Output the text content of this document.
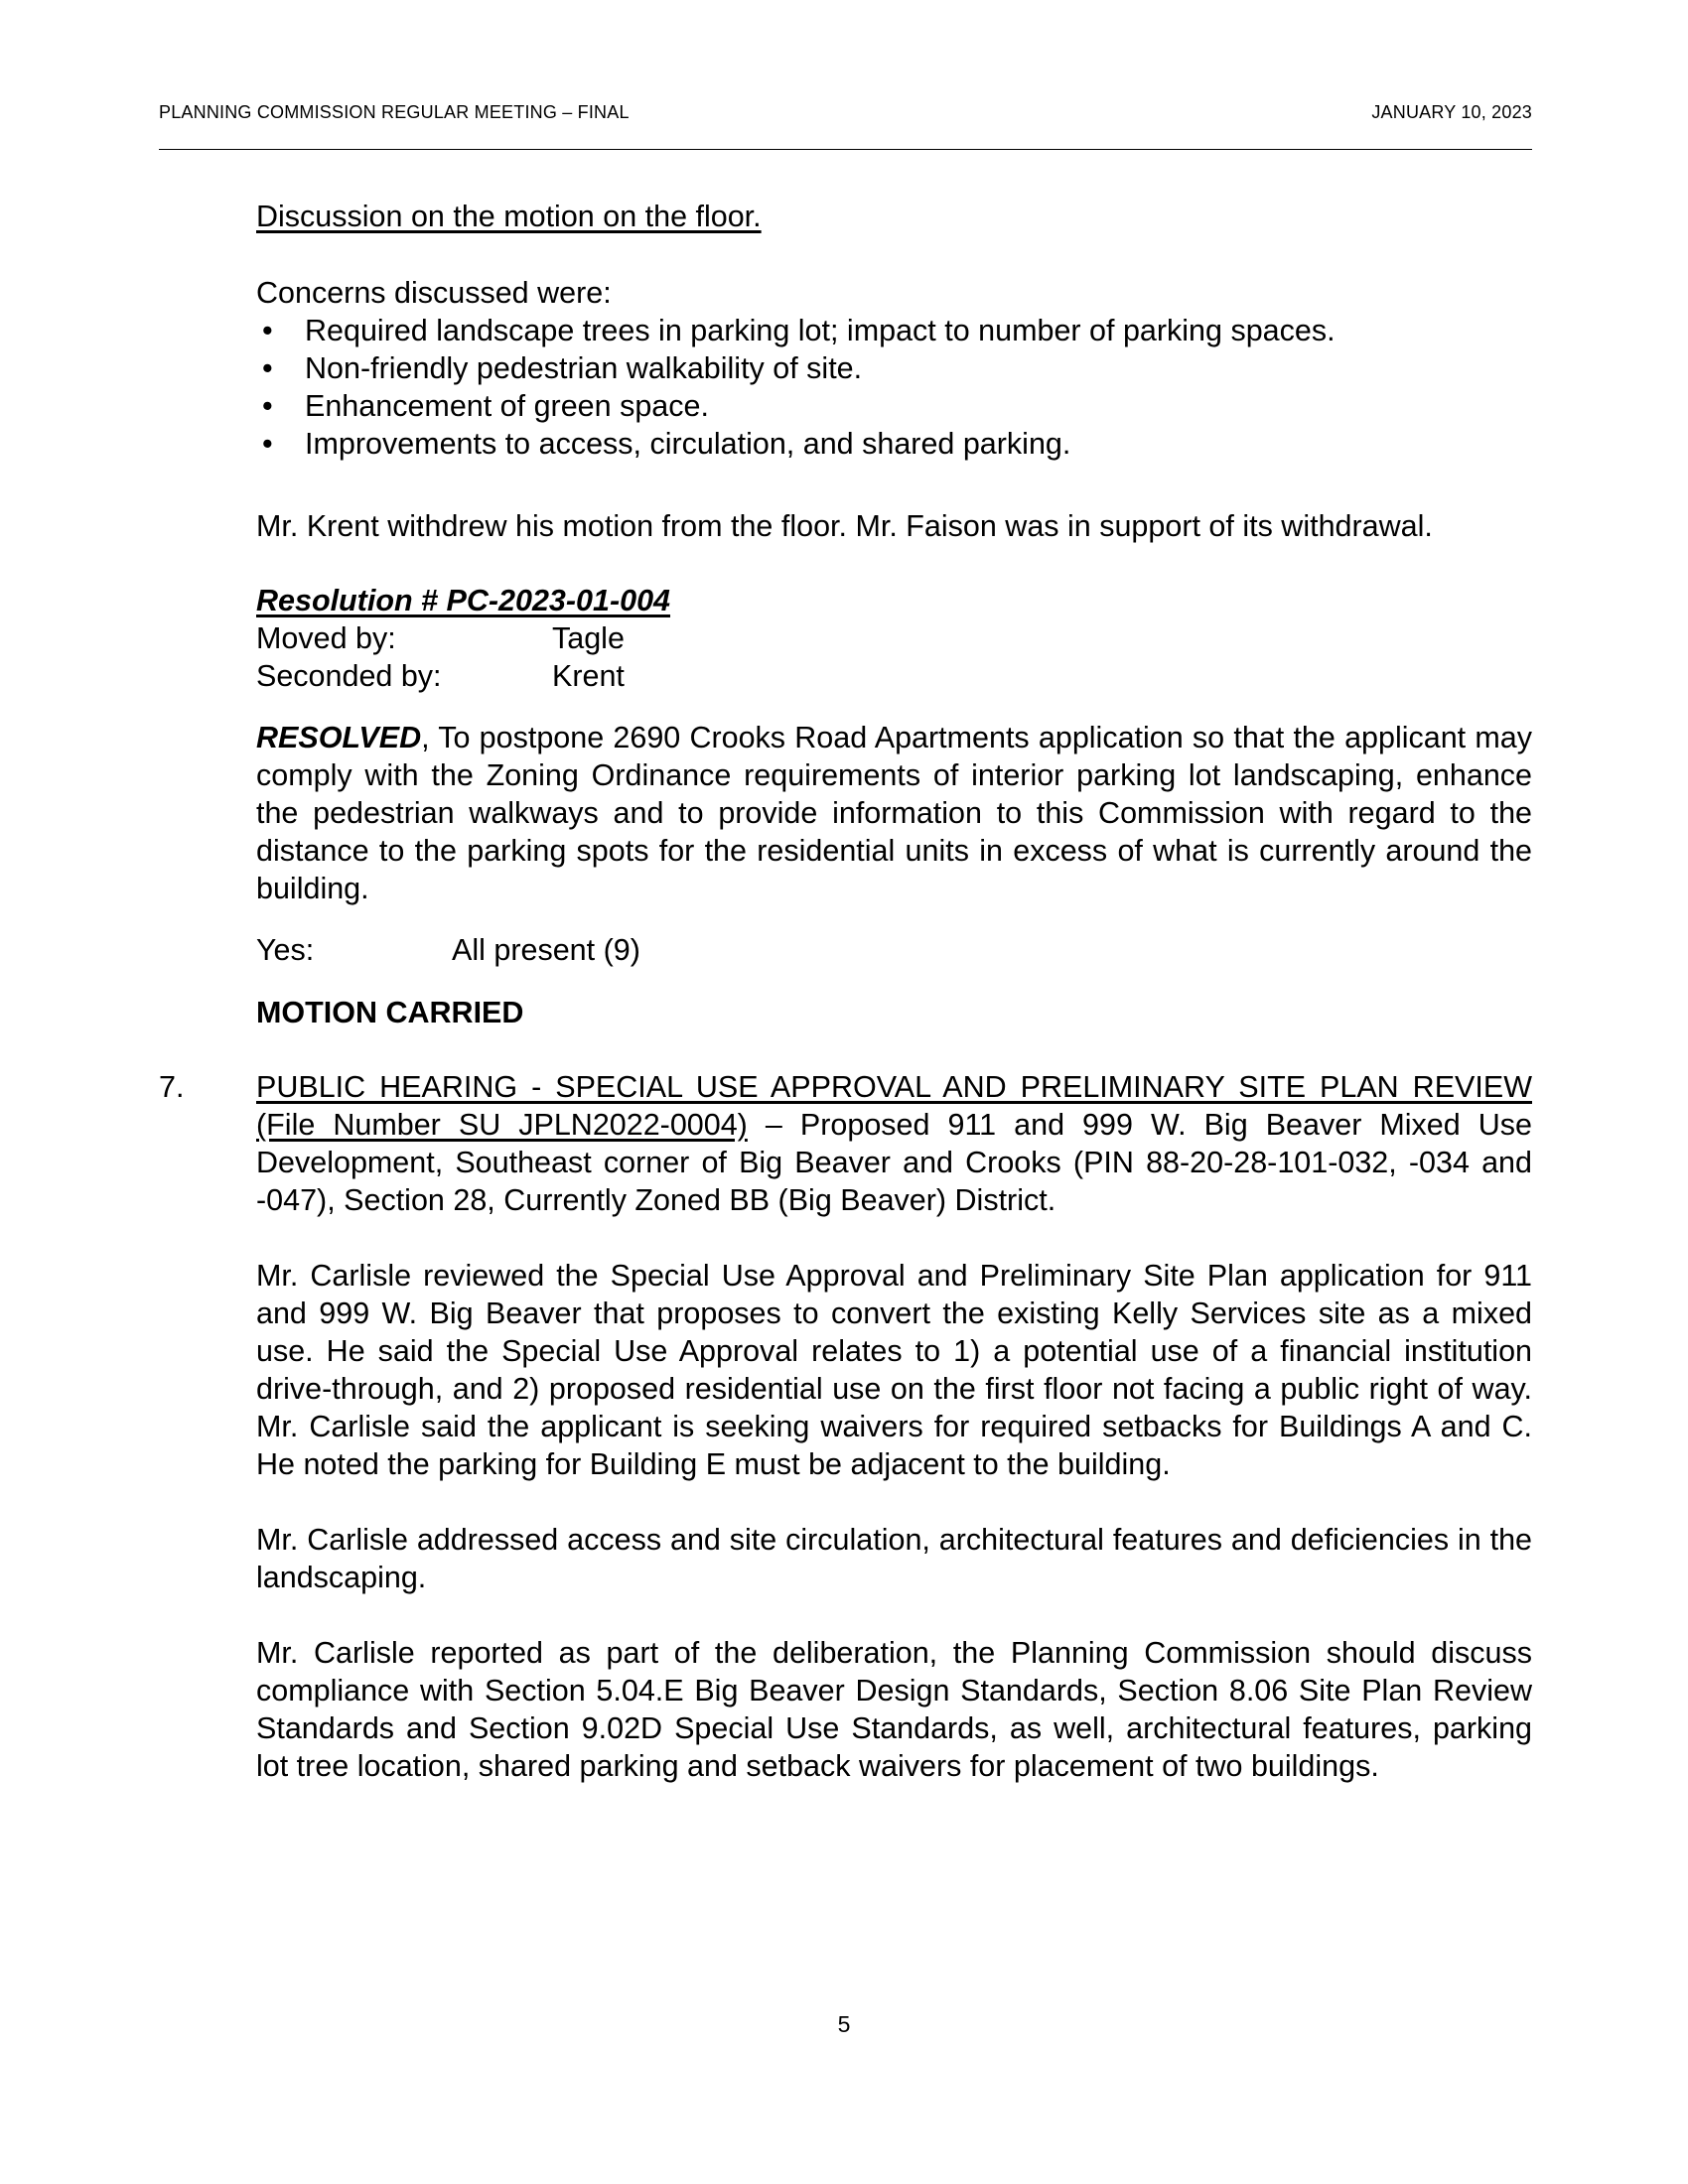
PLANNING COMMISSION REGULAR MEETING – FINAL	JANUARY 10, 2023
Discussion on the motion on the floor.
Concerns discussed were:
• Required landscape trees in parking lot; impact to number of parking spaces.
• Non-friendly pedestrian walkability of site.
• Enhancement of green space.
• Improvements to access, circulation, and shared parking.
Mr. Krent withdrew his motion from the floor. Mr. Faison was in support of its withdrawal.
Resolution # PC-2023-01-004
Moved by:	Tagle
Seconded by:	Krent
RESOLVED, To postpone 2690 Crooks Road Apartments application so that the applicant may comply with the Zoning Ordinance requirements of interior parking lot landscaping, enhance the pedestrian walkways and to provide information to this Commission with regard to the distance to the parking spots for the residential units in excess of what is currently around the building.
Yes:	All present (9)
MOTION CARRIED
7. PUBLIC HEARING - SPECIAL USE APPROVAL AND PRELIMINARY SITE PLAN REVIEW (File Number SU JPLN2022-0004) – Proposed 911 and 999 W. Big Beaver Mixed Use Development, Southeast corner of Big Beaver and Crooks (PIN 88-20-28-101-032, -034 and -047), Section 28, Currently Zoned BB (Big Beaver) District.
Mr. Carlisle reviewed the Special Use Approval and Preliminary Site Plan application for 911 and 999 W. Big Beaver that proposes to convert the existing Kelly Services site as a mixed use. He said the Special Use Approval relates to 1) a potential use of a financial institution drive-through, and 2) proposed residential use on the first floor not facing a public right of way. Mr. Carlisle said the applicant is seeking waivers for required setbacks for Buildings A and C. He noted the parking for Building E must be adjacent to the building.
Mr. Carlisle addressed access and site circulation, architectural features and deficiencies in the landscaping.
Mr. Carlisle reported as part of the deliberation, the Planning Commission should discuss compliance with Section 5.04.E Big Beaver Design Standards, Section 8.06 Site Plan Review Standards and Section 9.02D Special Use Standards, as well, architectural features, parking lot tree location, shared parking and setback waivers for placement of two buildings.
5
